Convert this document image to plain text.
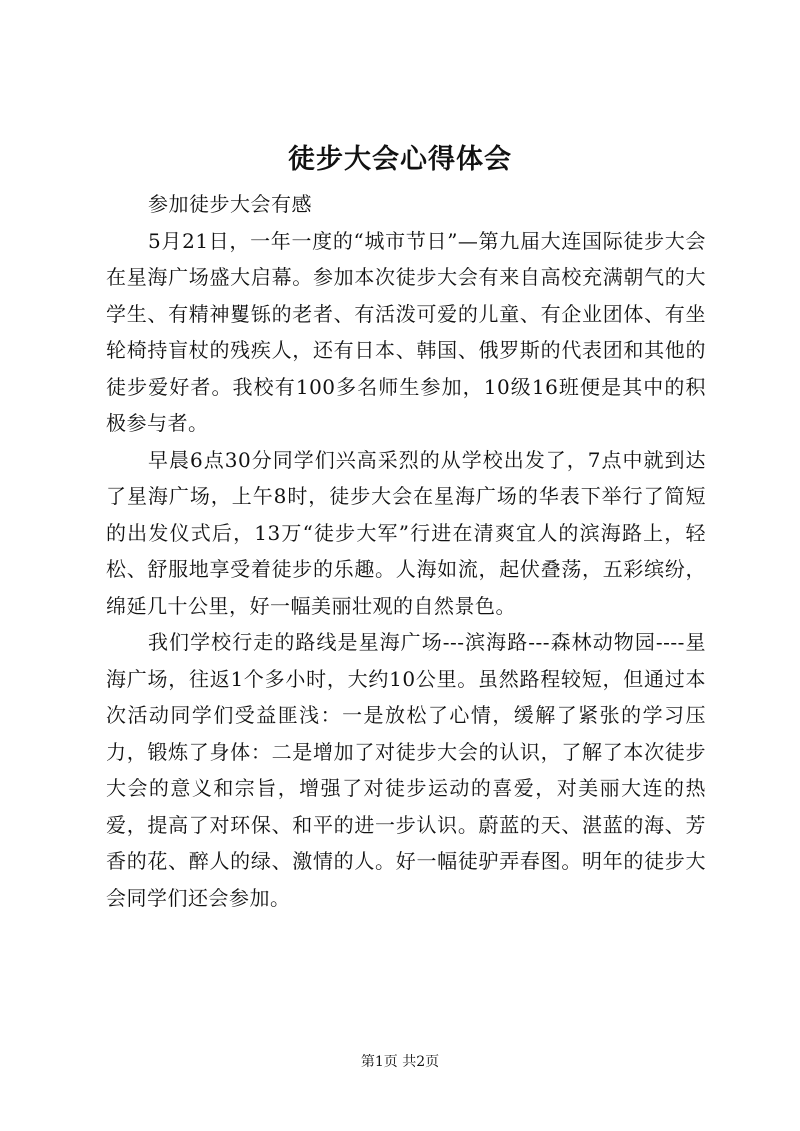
徒步大会心得体会

参加徒步大会有感

5月21日，一年一度的“城市节日”—第九届大连国际徒步大会在星海广场盛大启幕。参加本次徒步大会有来自高校充满朝气的大学生、有精神矍铄的老者、有活泼可爱的儿童、有企业团体、有坐轮椅持盲杖的残疾人，还有日本、韩国、俄罗斯的代表团和其他的徒步爱好者。我校有100多名师生参加，10级16班便是其中的积极参与者。

早晨6点30分同学们兴高采烈的从学校出发了，7点中就到达了星海广场，上午8时，徒步大会在星海广场的华表下举行了简短的出发仪式后，13万“徒步大军”行进在清爽宜人的滨海路上，轻松、舒服地享受着徒步的乐趣。人海如流，起伏叠荡，五彩缤纷，绵延几十公里，好一幅美丽壮观的自然景色。

我们学校行走的路线是星海广场---滨海路---森林动物园----星海广场，往返1个多小时，大约10公里。虽然路程较短，但通过本次活动同学们受益匪浅：一是放松了心情，缓解了紧张的学习压力，锻炼了身体：二是增加了对徒步大会的认识，了解了本次徒步大会的意义和宗旨，增强了对徒步运动的喜爱，对美丽大连的热爱，提高了对环保、和平的进一步认识。蔚蓝的天、湛蓝的海、芳香的花、醉人的绿、激情的人。好一幅徒驴弄春图。明年的徒步大会同学们还会参加。

第1页 共2页
